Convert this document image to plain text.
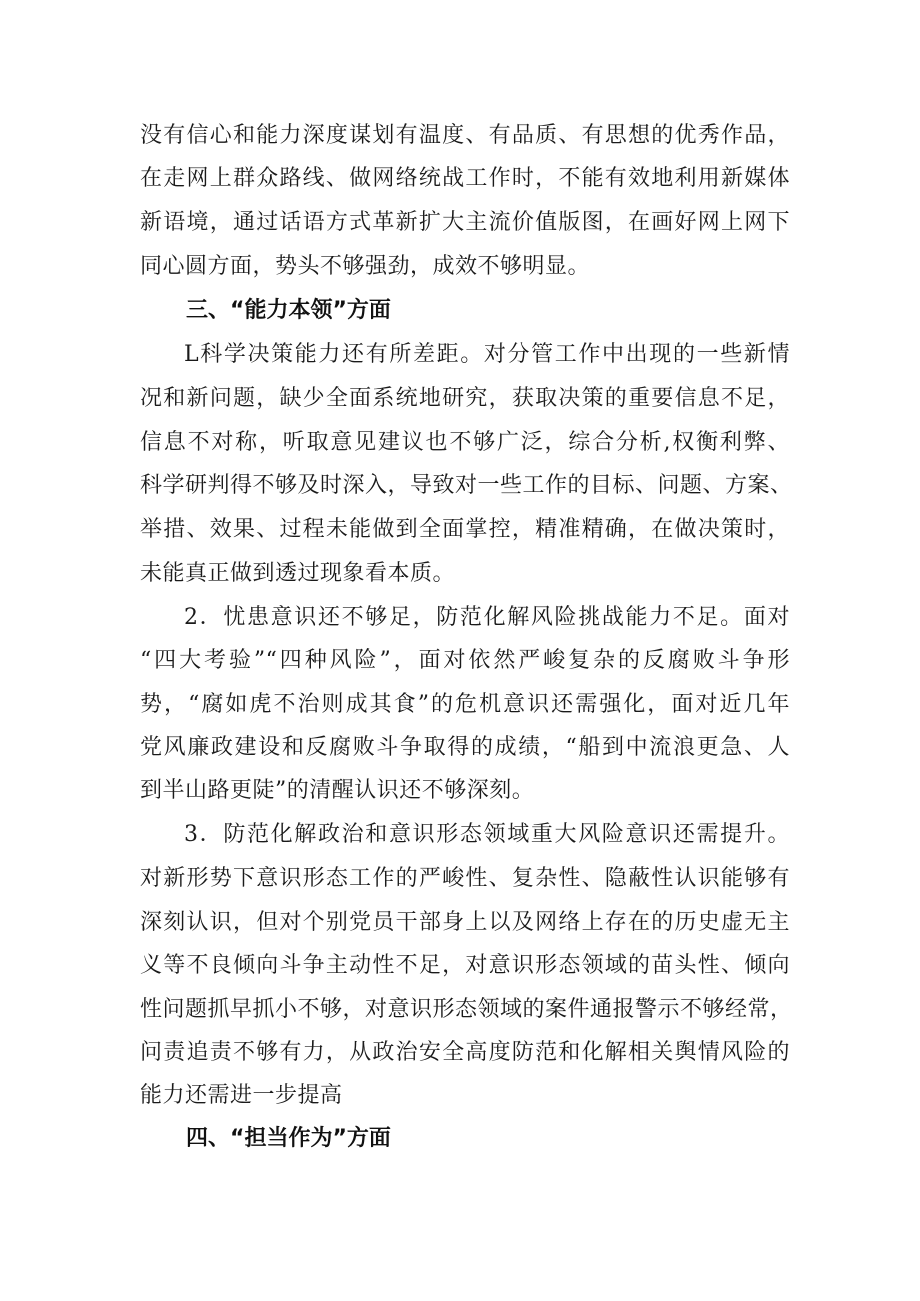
没有信心和能力深度谋划有温度、有品质、有思想的优秀作品，
在走网上群众路线、做网络统战工作时，不能有效地利用新媒体
新语境，通过话语方式革新扩大主流价值版图，在画好网上网下
同心圆方面，势头不够强劲，成效不够明显。
三、“能力本领”方面
L科学决策能力还有所差距。对分管工作中出现的一些新情
况和新问题，缺少全面系统地研究，获取决策的重要信息不足，
信息不对称，听取意见建议也不够广泛，综合分析,权衡利弊、
科学研判得不够及时深入，导致对一些工作的目标、问题、方案、
举措、效果、过程未能做到全面掌控，精准精确，在做决策时，
未能真正做到透过现象看本质。
2．忧患意识还不够足，防范化解风险挑战能力不足。面对
“四大考验”“四种风险”，面对依然严峻复杂的反腐败斗争形
势，“腐如虎不治则成其食”的危机意识还需强化，面对近几年
党风廉政建设和反腐败斗争取得的成绩，“船到中流浪更急、人
到半山路更陡”的清醒认识还不够深刻。
3．防范化解政治和意识形态领域重大风险意识还需提升。
对新形势下意识形态工作的严峻性、复杂性、隐蔽性认识能够有
深刻认识，但对个别党员干部身上以及网络上存在的历史虚无主
义等不良倾向斗争主动性不足，对意识形态领域的苗头性、倾向
性问题抓早抓小不够，对意识形态领域的案件通报警示不够经常，
问责追责不够有力，从政治安全高度防范和化解相关舆情风险的
能力还需进一步提高
四、“担当作为”方面
